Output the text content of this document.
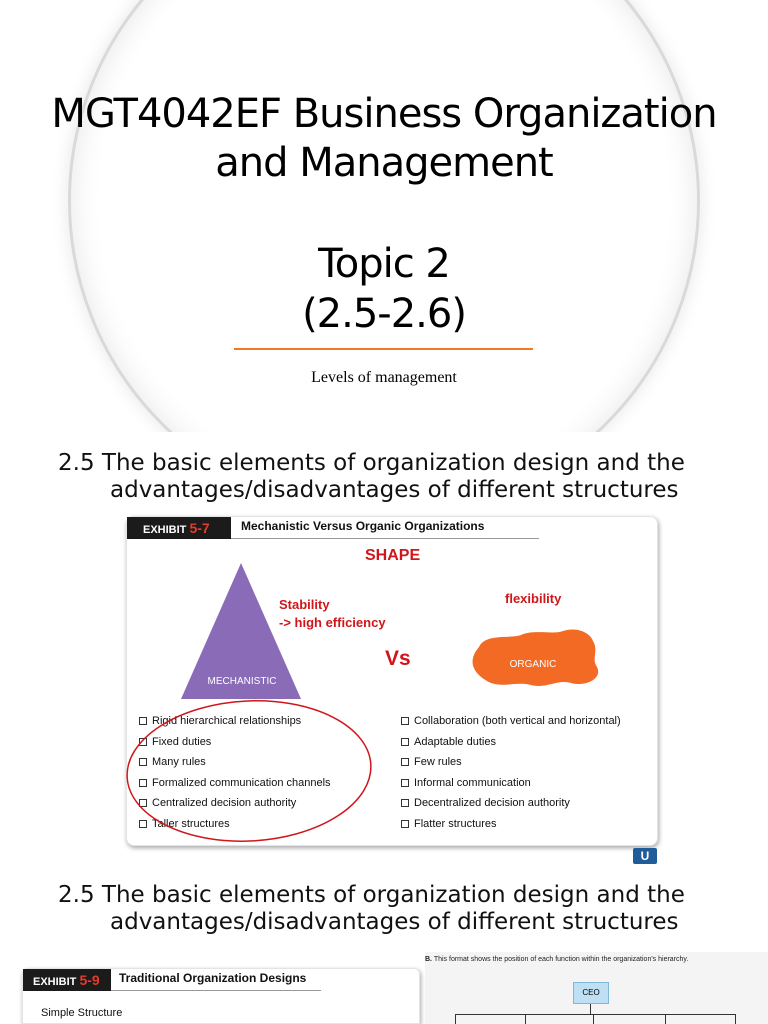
MGT4042EF Business Organization
and Management
Topic 2
(2.5-2.6)
Levels of management
2.5 The basic elements of organization design and the
advantages/disadvantages of different structures
EXHIBIT 5-7	Mechanistic Versus Organic Organizations
SHAPE
MECHANISTIC
Stability
-> high efficiency
flexibility
Vs	ORGANIC
Rigid hierarchical relationships
Fixed duties
Many rules
Formalized communication channels
Centralized decision authority
Taller structures
Collaboration (both vertical and horizontal)
Adaptable duties
Few rules
Informal communication
Decentralized decision authority
Flatter structures
U
2.5 The basic elements of organization design and the
advantages/disadvantages of different structures
EXHIBIT 5-9	Traditional Organization Designs
Simple Structure
B. This format shows the position of each function within the organization's hierarchy.
CEO
